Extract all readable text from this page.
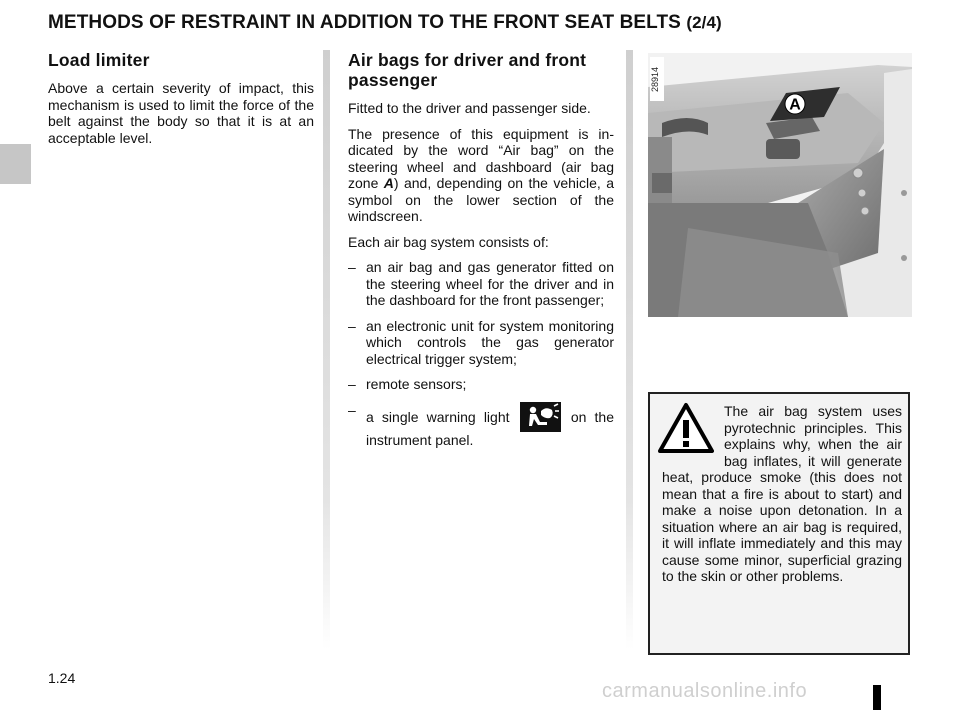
METHODS OF RESTRAINT IN ADDITION TO THE FRONT SEAT BELTS (2/4)
Load limiter

Above a certain severity of impact, this mechanism is used to limit the force of the belt against the body so that it is at an acceptable level.

Air bags for driver and front passenger

Fitted to the driver and passenger side.

The presence of this equipment is indicated by the word “Air bag” on the steering wheel and dashboard (air bag zone A) and, depending on the vehicle, a symbol on the lower section of the windscreen.

Each air bag system consists of:

– an air bag and gas generator fitted on the steering wheel for the driver and in the dashboard for the front passenger;
– an electronic unit for system monitoring which controls the gas generator electrical trigger system;
– remote sensors;
– a single warning light	on the instrument panel.
A
28914

The air bag system uses pyrotechnic principles. This explains why, when the air bag inflates, it will generate heat, produce smoke (this does not mean that a fire is about to start) and make a noise upon detonation. In a situation where an air bag is required, it will inflate immediately and this may cause some minor, superficial grazing to the skin or other problems.

1.24
carmanualsonline.info
